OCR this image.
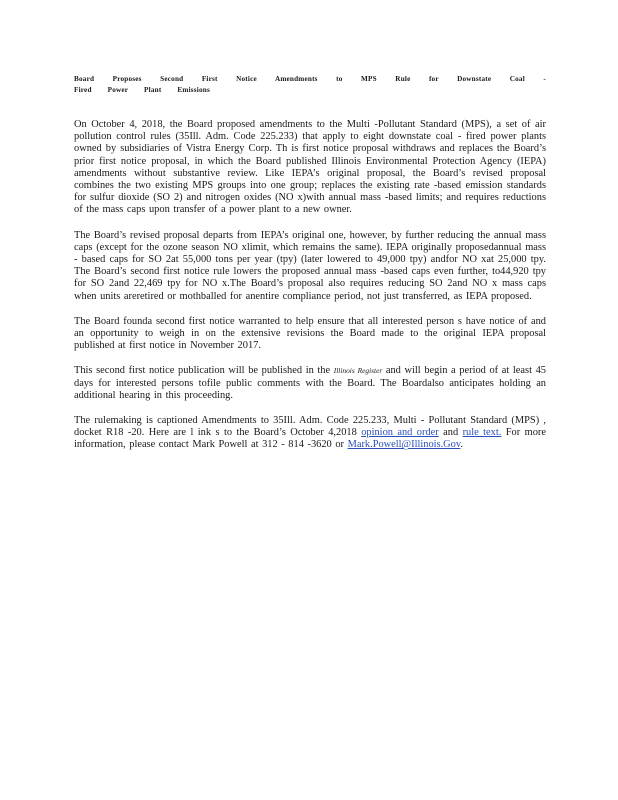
Board Proposes Second First Notice Amendments to MPS Rule for Downstate Coal - Fired Power Plant Emissions

On October 4, 2018, the Board proposed amendments to the Multi -Pollutant Standard (MPS), a set of air pollution control rules (35Ill. Adm. Code 225.233) that apply to eight downstate coal - fired power plants owned by subsidiaries of Vistra Energy Corp. Th is first notice proposal withdraws and replaces the Board’s prior first notice proposal, in which the Board published Illinois Environmental Protection Agency (IEPA) amendments without substantive review. Like IEPA’s original proposal, the Board’s revised proposal combines the two existing MPS groups into one group; replaces the existing rate -based emission standards for sulfur dioxide (SO 2) and nitrogen oxides (NO x)with annual mass -based limits; and requires reductions of the mass caps upon transfer of a power plant to a new owner.

The Board’s revised proposal departs from IEPA’s original one, however, by further reducing the annual mass caps (except for the ozone season NO xlimit, which remains the same). IEPA originally proposedannual mass - based caps for SO 2at 55,000 tons per year (tpy) (later lowered to 49,000 tpy) andfor NO xat 25,000 tpy. The Board’s second first notice rule lowers the proposed annual mass -based caps even further, to44,920 tpy for SO 2and 22,469 tpy for NO x.The Board’s proposal also requires reducing SO 2and NO x mass caps when units areretired or mothballed for anentire compliance period, not just transferred, as IEPA proposed.

The Board founda second first notice warranted to help ensure that all interested person s have notice of and an opportunity to weigh in on the extensive revisions the Board made to the original IEPA proposal published at first notice in November 2017.

This second first notice publication will be published in the Illinois Register and will begin a period of at least 45 days for interested persons tofile public comments with the Board. The Boardalso anticipates holding an additional hearing in this proceeding.

The rulemaking is captioned Amendments to 35Ill. Adm. Code 225.233, Multi - Pollutant Standard (MPS) , docket R18 -20. Here are l ink s to the Board’s October 4,2018 opinion and order and rule text. For more information, please contact Mark Powell at 312 - 814 -3620 or Mark.Powell@Illinois.Gov.
